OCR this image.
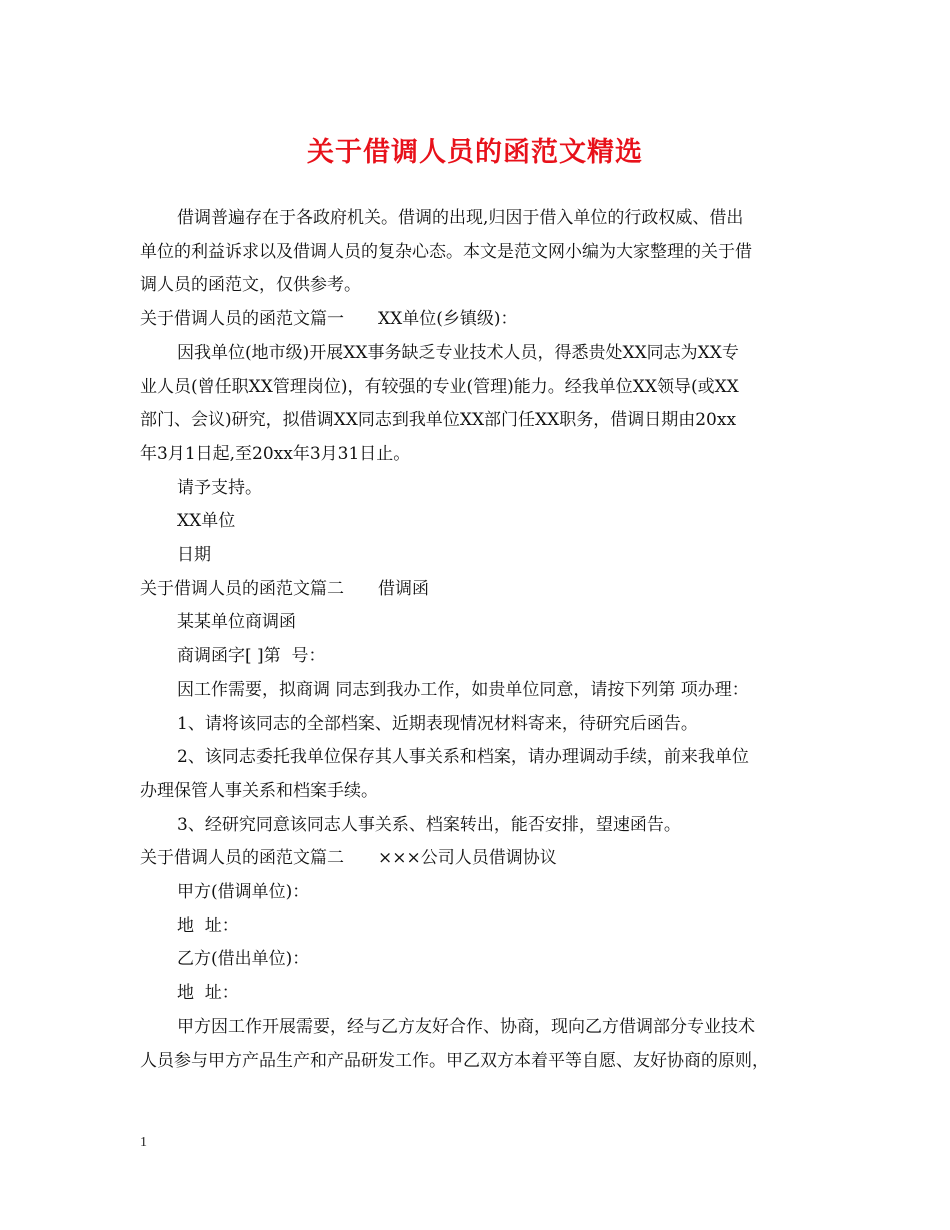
关于借调人员的函范文精选

借调普遍存在于各政府机关。借调的出现,归因于借入单位的行政权威、借出

单位的利益诉求以及借调人员的复杂心态。本文是范文网小编为大家整理的关于借

调人员的函范文，仅供参考。

关于借调人员的函范文篇一　　XX单位(乡镇级)：

因我单位(地市级)开展XX事务缺乏专业技术人员，得悉贵处XX同志为XX专

业人员(曾任职XX管理岗位)，有较强的专业(管理)能力。经我单位XX领导(或XX

部门、会议)研究，拟借调XX同志到我单位XX部门任XX职务，借调日期由20xx

年3月1日起,至20xx年3月31日止。

请予支持。

XX单位

日期

关于借调人员的函范文篇二　　借调函

某某单位商调函

商调函字[ ]第  号：

因工作需要，拟商调 同志到我办工作，如贵单位同意，请按下列第 项办理：

1、请将该同志的全部档案、近期表现情况材料寄来，待研究后函告。

2、该同志委托我单位保存其人事关系和档案，请办理调动手续，前来我单位

办理保管人事关系和档案手续。

3、经研究同意该同志人事关系、档案转出，能否安排，望速函告。

关于借调人员的函范文篇二　　×××公司人员借调协议

甲方(借调单位)：

地  址：

乙方(借出单位)：

地  址：

甲方因工作开展需要，经与乙方友好合作、协商，现向乙方借调部分专业技术

人员参与甲方产品生产和产品研发工作。甲乙双方本着平等自愿、友好协商的原则，

1
